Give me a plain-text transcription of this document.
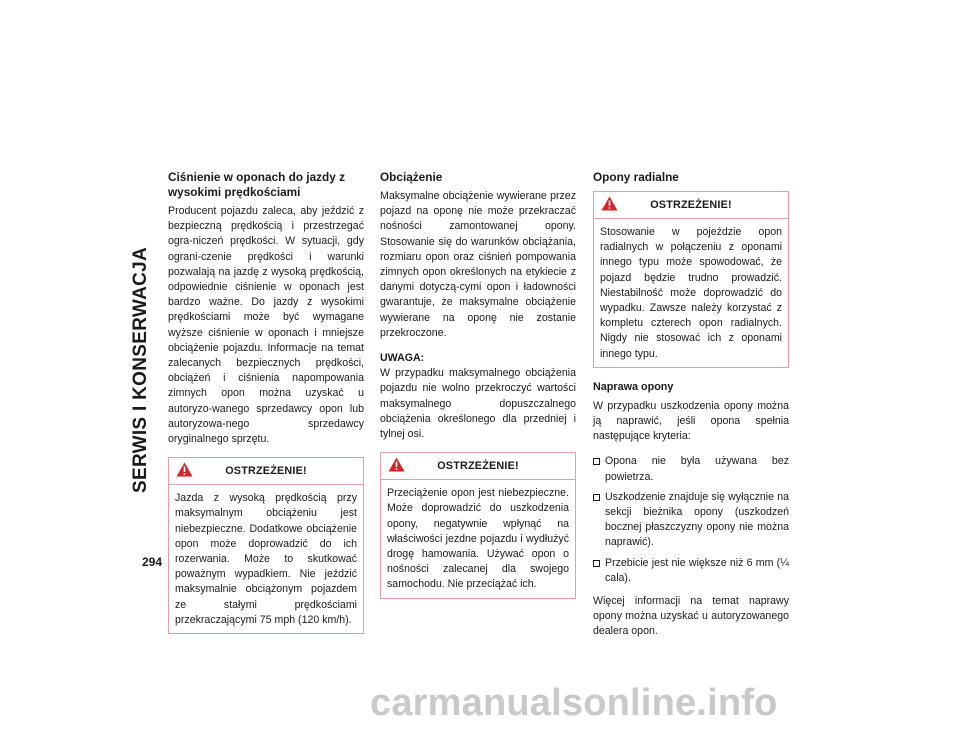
SERWIS I KONSERWACJA
294
Ciśnienie w oponach do jazdy z wysokimi prędkościami

Producent pojazdu zaleca, aby jeździć z bezpieczną prędkością i przestrzegać ogra-niczeń prędkości. W sytuacji, gdy ograni-czenie prędkości i warunki pozwalają na jazdę z wysoką prędkością, odpowiednie ciśnienie w oponach jest bardzo ważne. Do jazdy z wysokimi prędkościami może być wymagane wyższe ciśnienie w oponach i mniejsze obciążenie pojazdu. Informacje na temat zalecanych bezpiecznych prędkości, obciążeń i ciśnienia napompowania zimnych opon można uzyskać u autoryzo-wanego sprzedawcy opon lub autoryzowa-nego sprzedawcy oryginalnego sprzętu.

OSTRZEŻENIE!

Jazda z wysoką prędkością przy maksymalnym obciążeniu jest niebezpieczne. Dodatkowe obciążenie opon może doprowadzić do ich rozerwania. Może to skutkować poważnym wypadkiem. Nie jeździć maksymalnie obciążonym pojazdem ze stałymi prędkościami przekraczającymi 75 mph (120 km/h).

Obciążenie

Maksymalne obciążenie wywierane przez pojazd na oponę nie może przekraczać nośności zamontowanej opony. Stosowanie się do warunków obciążania, rozmiaru opon oraz ciśnień pompowania zimnych opon określonych na etykiecie z danymi dotyczą-cymi opon i ładowności gwarantuje, że maksymalne obciążenie wywierane na oponę nie zostanie przekroczone.

UWAGA:

W przypadku maksymalnego obciążenia pojazdu nie wolno przekroczyć wartości maksymalnego dopuszczalnego obciążenia określonego dla przedniej i tylnej osi.

OSTRZEŻENIE!

Przeciążenie opon jest niebezpieczne. Może doprowadzić do uszkodzenia opony, negatywnie wpłynąć na właściwości jezdne pojazdu i wydłużyć drogę hamowania. Używać opon o nośności zalecanej dla swojego samochodu. Nie przeciążać ich.

Opony radialne
OSTRZEŻENIE!

Stosowanie w pojeździe opon radialnych w połączeniu z oponami innego typu może spowodować, że pojazd będzie trudno prowadzić. Niestabilność może doprowadzić do wypadku. Zawsze należy korzystać z kompletu czterech opon radialnych. Nigdy nie stosować ich z oponami innego typu.

Naprawa opony

W przypadku uszkodzenia opony można ją naprawić, jeśli opona spełnia następujące kryteria:

Opona nie była używana bez powietrza.
Uszkodzenie znajduje się wyłącznie na sekcji bieżnika opony (uszkodzeń bocznej płaszczyzny opony nie można naprawić).
Przebicie jest nie większe niż 6 mm (¼ cala).

Więcej informacji na temat naprawy opony można uzyskać u autoryzowanego dealera opon.

carmanualsonline.info
